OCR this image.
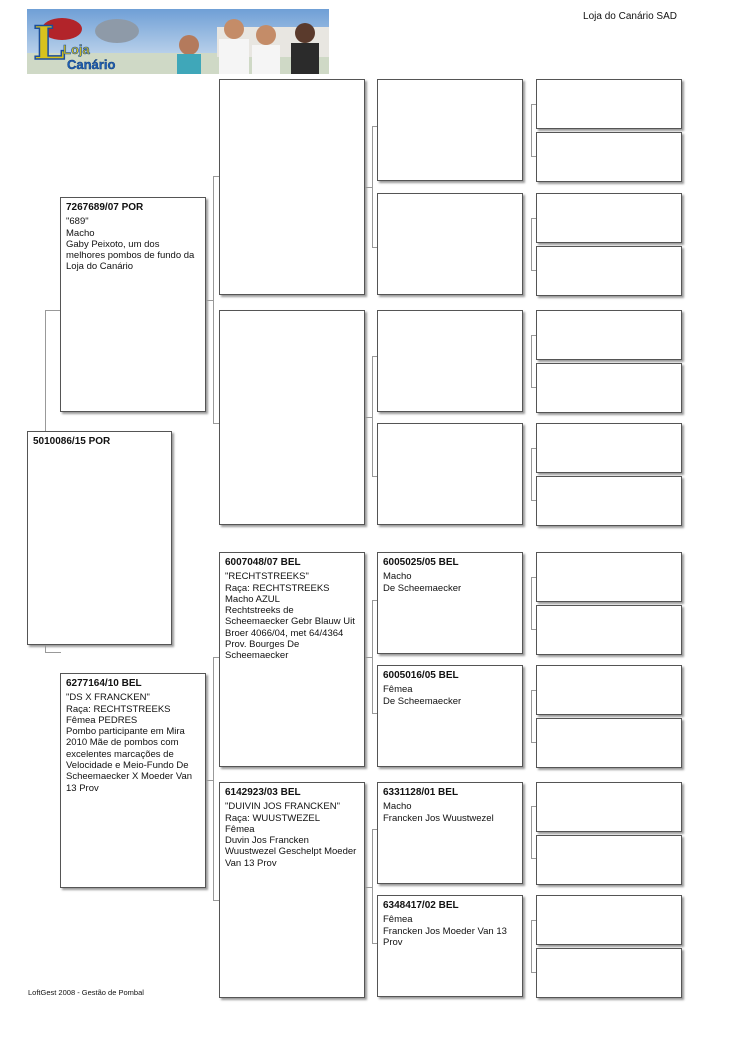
L
Loja
Canário
Loja do Canário SAD
5010086/15 POR
7267689/07 POR
"689"
Macho
Gaby Peixoto, um dos melhores pombos de fundo da Loja do Canário
6277164/10 BEL
"DS X FRANCKEN"
Raça: RECHTSTREEKS
Fêmea PEDRES
Pombo participante em Mira 2010 Mãe de pombos com excelentes marcações de Velocidade e Meio-Fundo De Scheemaecker X Moeder Van 13 Prov
6007048/07 BEL
"RECHTSTREEKS"
Raça: RECHTSTREEKS
Macho AZUL
Rechtstreeks de Scheemaecker Gebr Blauw Uit Broer 4066/04, met 64/4364 Prov. Bourges De Scheemaecker
6142923/03 BEL
"DUIVIN JOS FRANCKEN"
Raça: WUUSTWEZEL
Fêmea
Duvin Jos Francken Wuustwezel Geschelpt Moeder Van 13 Prov
6005025/05 BEL
Macho
De Scheemaecker
6005016/05 BEL
Fêmea
De Scheemaecker
6331128/01 BEL
Macho
Francken Jos Wuustwezel
6348417/02 BEL
Fêmea
Francken Jos Moeder Van 13 Prov
LoftGest 2008 - Gestão de Pombal
